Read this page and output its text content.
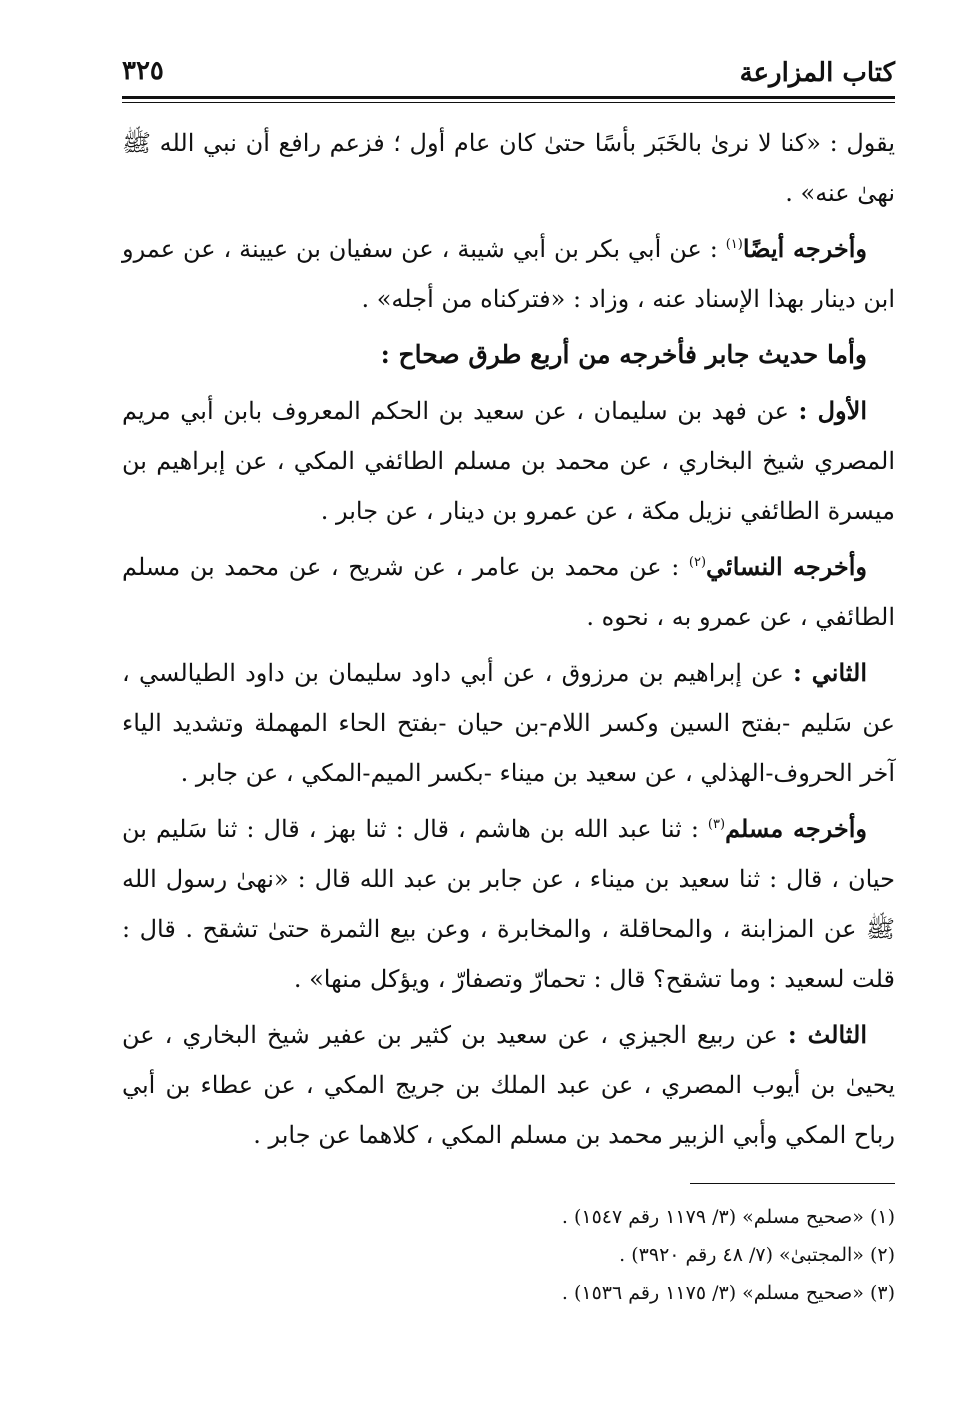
كتاب المزارعة
٣٢٥

يقول : «كنا لا نرىٰ بالخَبَر بأسًا حتىٰ كان عام أول ؛ فزعم رافع أن نبي الله ﷺ نهىٰ عنه» .

وأخرجه أيضًا$^{(١)}$ : عن أبي بكر بن أبي شيبة ، عن سفيان بن عيينة ، عن عمرو ابن دينار بهذا الإسناد عنه ، وزاد : «فتركناه من أجله» .

وأما حديث جابر فأخرجه من أربع طرق صحاح :

الأول : عن فهد بن سليمان ، عن سعيد بن الحكم المعروف بابن أبي مريم المصري شيخ البخاري ، عن محمد بن مسلم الطائفي المكي ، عن إبراهيم بن ميسرة الطائفي نزيل مكة ، عن عمرو بن دينار ، عن جابر .

وأخرجه النسائي$^{(٢)}$ : عن محمد بن عامر ، عن شريح ، عن محمد بن مسلم الطائفي ، عن عمرو به ، نحوه .

الثاني : عن إبراهيم بن مرزوق ، عن أبي داود سليمان بن داود الطيالسي ، عن سَليم -بفتح السين وكسر اللام-بن حيان -بفتح الحاء المهملة وتشديد الياء آخر الحروف-الهذلي ، عن سعيد بن ميناء -بكسر الميم-المكي ، عن جابر .

وأخرجه مسلم$^{(٣)}$ : ثنا عبد الله بن هاشم ، قال : ثنا بهز ، قال : ثنا سَليم بن حيان ، قال : ثنا سعيد بن ميناء ، عن جابر بن عبد الله قال : «نهىٰ رسول الله ﷺ عن المزابنة ، والمحاقلة ، والمخابرة ، وعن بيع الثمرة حتىٰ تشقح . قال : قلت لسعيد : وما تشقح؟ قال : تحمارّ وتصفارّ ، ويؤكل منها» .

الثالث : عن ربيع الجيزي ، عن سعيد بن كثير بن عفير شيخ البخاري ، عن يحيىٰ بن أيوب المصري ، عن عبد الملك بن جريج المكي ، عن عطاء بن أبي رباح المكي وأبي الزبير محمد بن مسلم المكي ، كلاهما عن جابر .

(١) «صحيح مسلم» (٣/ ١١٧٩ رقم ١٥٤٧) .
(٢) «المجتبىٰ» (٧/ ٤٨ رقم ٣٩٢٠) .
(٣) «صحيح مسلم» (٣/ ١١٧٥ رقم ١٥٣٦) .
